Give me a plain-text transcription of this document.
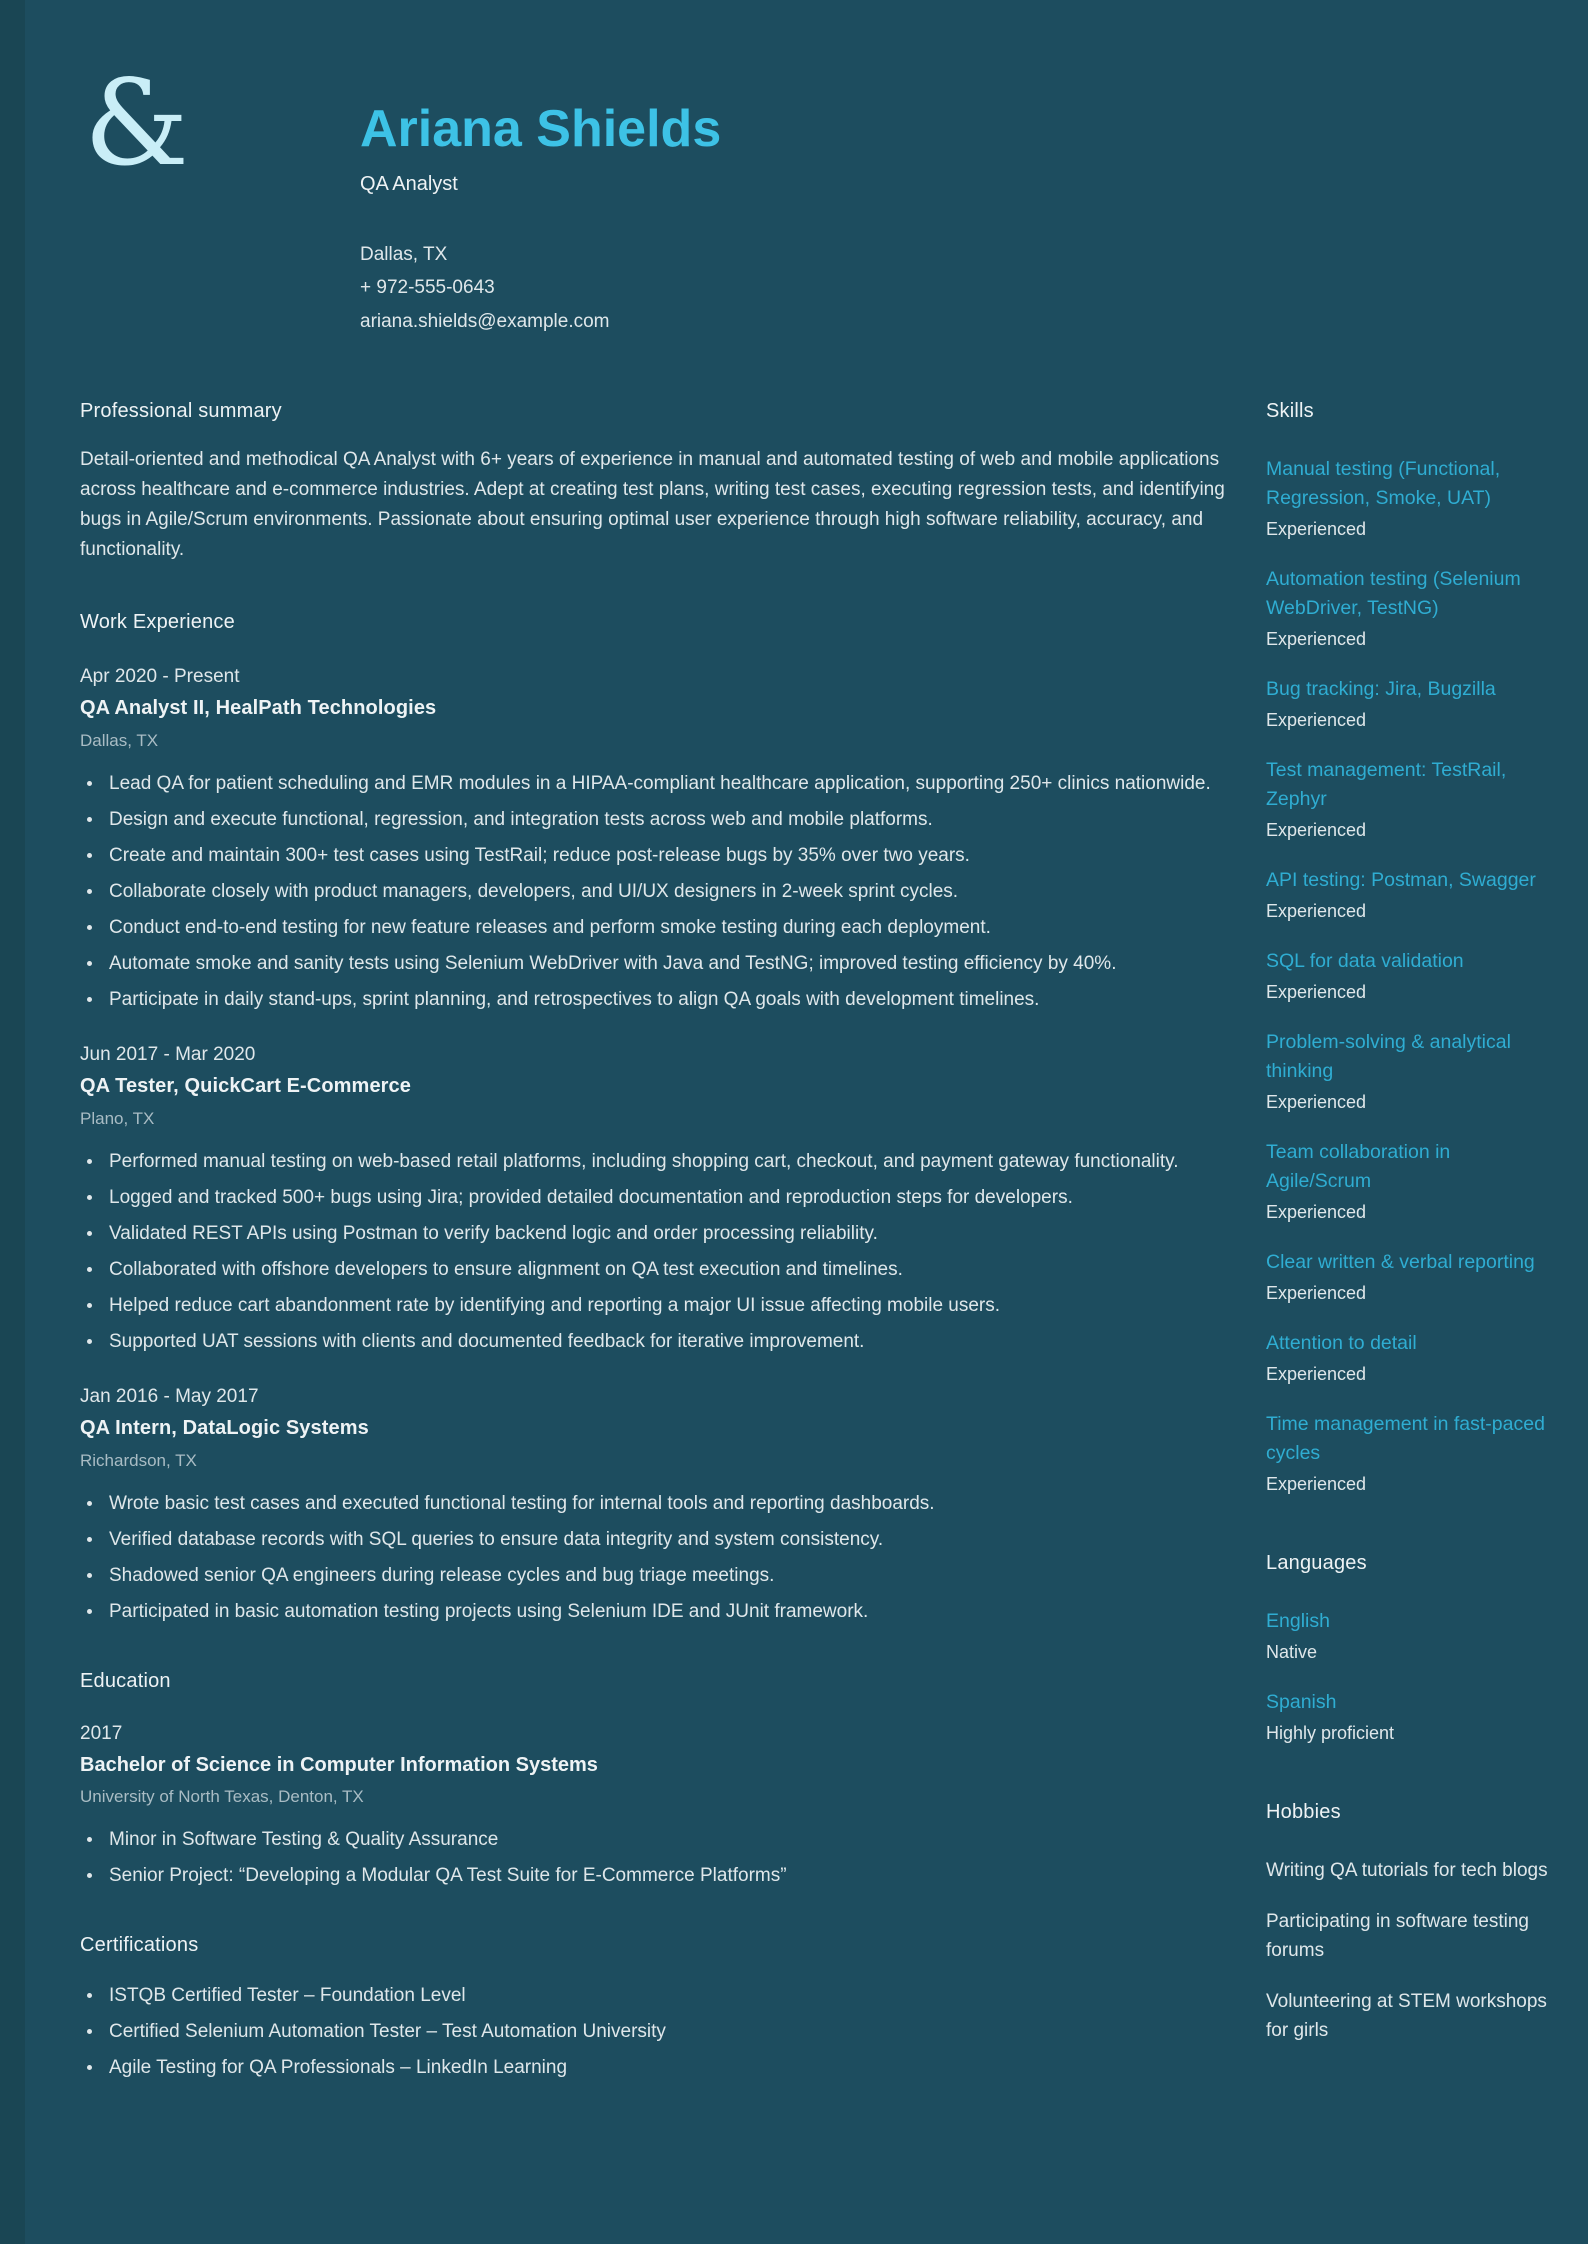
&	Ariana Shields
QA Analyst
Dallas, TX
+ 972-555-0643
ariana.shields@example.com
Professional summary

Detail-oriented and methodical QA Analyst with 6+ years of experience in manual and automated testing of web and mobile applications across healthcare and e-commerce industries. Adept at creating test plans, writing test cases, executing regression tests, and identifying bugs in Agile/Scrum environments. Passionate about ensuring optimal user experience through high software reliability, accuracy, and functionality.

Work Experience
Apr 2020 - Present
QA Analyst II, HealPath Technologies
Dallas, TX
Lead QA for patient scheduling and EMR modules in a HIPAA-compliant healthcare application, supporting 250+ clinics nationwide.
Design and execute functional, regression, and integration tests across web and mobile platforms.
Create and maintain 300+ test cases using TestRail; reduce post-release bugs by 35% over two years.
Collaborate closely with product managers, developers, and UI/UX designers in 2-week sprint cycles.
Conduct end-to-end testing for new feature releases and perform smoke testing during each deployment.
Automate smoke and sanity tests using Selenium WebDriver with Java and TestNG; improved testing efficiency by 40%.
Participate in daily stand-ups, sprint planning, and retrospectives to align QA goals with development timelines.
Jun 2017 - Mar 2020
QA Tester, QuickCart E-Commerce
Plano, TX
Performed manual testing on web-based retail platforms, including shopping cart, checkout, and payment gateway functionality.
Logged and tracked 500+ bugs using Jira; provided detailed documentation and reproduction steps for developers.
Validated REST APIs using Postman to verify backend logic and order processing reliability.
Collaborated with offshore developers to ensure alignment on QA test execution and timelines.
Helped reduce cart abandonment rate by identifying and reporting a major UI issue affecting mobile users.
Supported UAT sessions with clients and documented feedback for iterative improvement.
Jan 2016 - May 2017
QA Intern, DataLogic Systems
Richardson, TX
Wrote basic test cases and executed functional testing for internal tools and reporting dashboards.
Verified database records with SQL queries to ensure data integrity and system consistency.
Shadowed senior QA engineers during release cycles and bug triage meetings.
Participated in basic automation testing projects using Selenium IDE and JUnit framework.
Education
2017
Bachelor of Science in Computer Information Systems
University of North Texas, Denton, TX
Minor in Software Testing & Quality Assurance
Senior Project: “Developing a Modular QA Test Suite for E-Commerce Platforms”
Certifications
ISTQB Certified Tester – Foundation Level
Certified Selenium Automation Tester – Test Automation University
Agile Testing for QA Professionals – LinkedIn Learning
Skills
Manual testing (Functional, Regression, Smoke, UAT)
Experienced
Automation testing (Selenium WebDriver, TestNG)
Experienced
Bug tracking: Jira, Bugzilla
Experienced
Test management: TestRail, Zephyr
Experienced
API testing: Postman, Swagger
Experienced
SQL for data validation
Experienced
Problem-solving & analytical thinking
Experienced
Team collaboration in Agile/Scrum
Experienced
Clear written & verbal reporting
Experienced
Attention to detail
Experienced
Time management in fast-paced cycles
Experienced
Languages
English
Native
Spanish
Highly proficient
Hobbies
Writing QA tutorials for tech blogs
Participating in software testing forums
Volunteering at STEM workshops for girls
